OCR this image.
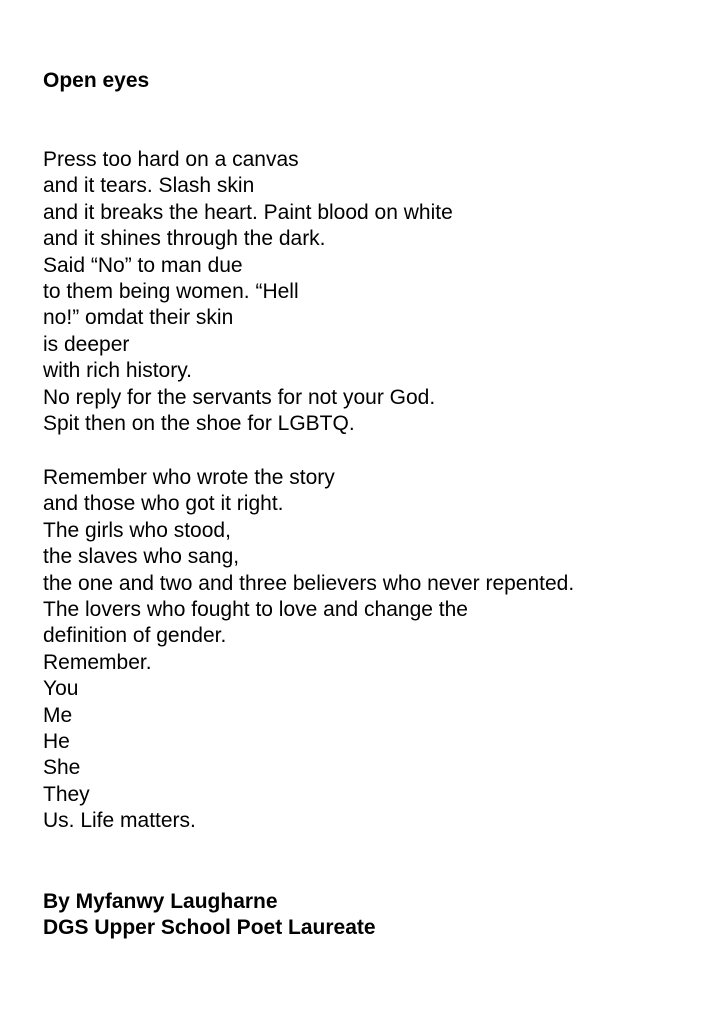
Open eyes
Press too hard on a canvas
and it tears. Slash skin
and it breaks the heart. Paint blood on white
and it shines through the dark.
Said “No” to man due
to them being women. “Hell
no!” omdat their skin
is deeper
with rich history.
No reply for the servants for not your God.
Spit then on the shoe for LGBTQ.
Remember who wrote the story
and those who got it right.
The girls who stood,
the slaves who sang,
the one and two and three believers who never repented.
The lovers who fought to love and change the
definition of gender.
Remember.
You
Me
He
She
They
Us. Life matters.
By Myfanwy Laugharne
DGS Upper School Poet Laureate
